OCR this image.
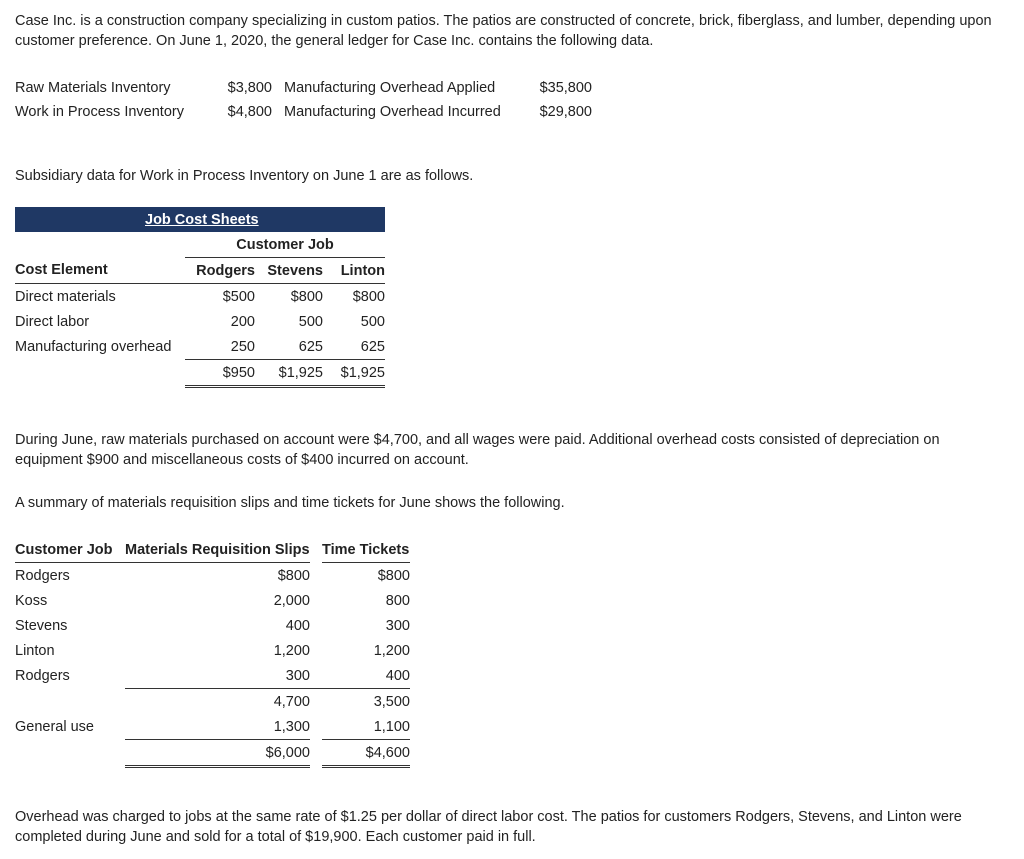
Case Inc. is a construction company specializing in custom patios. The patios are constructed of concrete, brick, fiberglass, and lumber, depending upon customer preference. On June 1, 2020, the general ledger for Case Inc. contains the following data.

Raw Materials Inventory	$3,800	Manufacturing Overhead Applied	$35,800
Work in Process Inventory	$4,800	Manufacturing Overhead Incurred	$29,800

Subsidiary data for Work in Process Inventory on June 1 are as follows.

Job Cost Sheets			
	Customer Job		
Cost Element	Rodgers	Stevens	Linton
Direct materials	$500	$800	$800
Direct labor	200	500	500
Manufacturing overhead	250	625	625
	$950	$1,925	$1,925

During June, raw materials purchased on account were $4,700, and all wages were paid. Additional overhead costs consisted of depreciation on equipment $900 and miscellaneous costs of $400 incurred on account.

A summary of materials requisition slips and time tickets for June shows the following.

Customer Job	Materials Requisition Slips		Time Tickets
Rodgers	$800		$800
Koss	2,000		800
Stevens	400		300
Linton	1,200		1,200
Rodgers	300		400
	4,700		3,500
General use	1,300		1,100
	$6,000		$4,600

Overhead was charged to jobs at the same rate of $1.25 per dollar of direct labor cost. The patios for customers Rodgers, Stevens, and Linton were completed during June and sold for a total of $19,900. Each customer paid in full.
